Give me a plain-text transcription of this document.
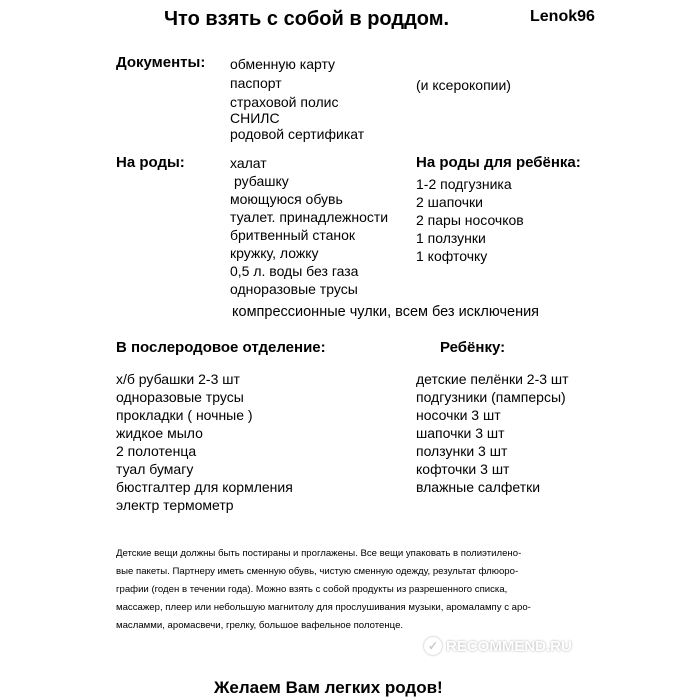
Что взять с собой в роддом.	Lenok96
Документы: обменную карту
паспорт
страховой полис
СНИЛС
родовой сертификат
(и ксерокопии)
На роды:	халат
рубашку
моющуюся обувь
туалет. принадлежности
бритвенный станок
кружку, ложку
0,5 л. воды без газа
одноразовые трусы
компрессионные чулки, всем без исключения
На роды для ребёнка:
1-2 подгузника
2 шапочки
2 пары носочков
1 ползунки
1 кофточку
В послеродовое отделение:
х/б рубашки 2-3 шт
одноразовые трусы
прокладки ( ночные )
жидкое мыло
2 полотенца
туал бумагу
бюстгалтер для кормления
электр термометр
Ребёнку:
детские пелёнки 2-3 шт
подгузники (памперсы)
носочки 3 шт
шапочки 3 шт
ползунки 3 шт
кофточки 3 шт
влажные салфетки
Детские вещи должны быть постираны и проглажены. Все вещи упаковать в полиэтилено-
вые пакеты. Партнеру иметь сменную обувь, чистую сменную одежду, результат флюоро-
графии (годен в течении года). Можно взять с собой продукты из разрешенного списка,
массажер, плеер или небольшую магнитолу для прослушивания музыки, аромалампу с аро-
масламми, аромасвечи, грелку, большое вафельное полотенце.
✓ RECOMMEND.RU
Желаем Вам легких родов!
